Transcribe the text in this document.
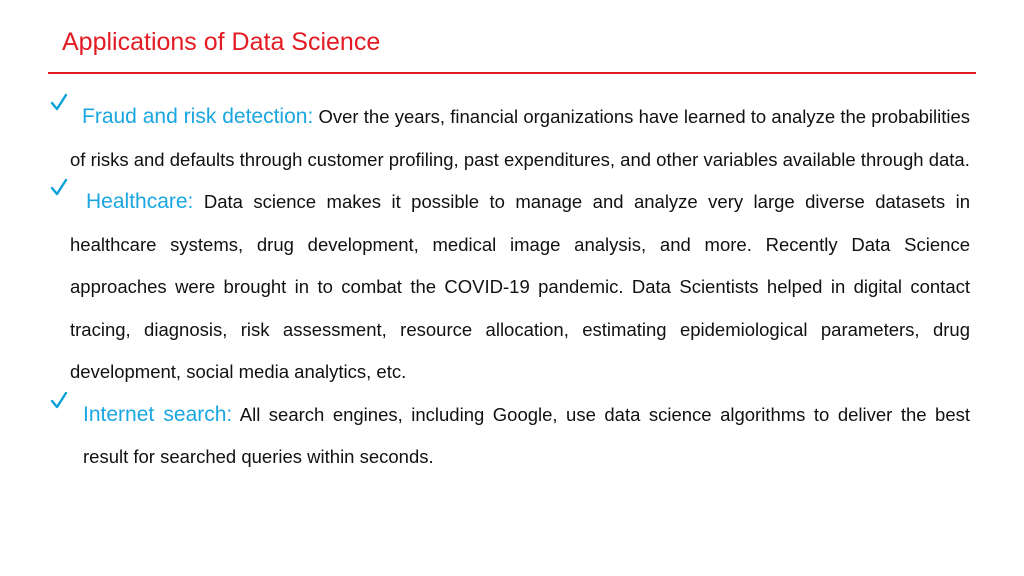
Applications of Data Science
Fraud and risk detection: Over the years, financial organizations have learned to analyze the probabilities of risks and defaults through customer profiling, past expenditures, and other variables available through data.
Healthcare: Data science makes it possible to manage and analyze very large diverse datasets in healthcare systems, drug development, medical image analysis, and more. Recently Data Science approaches were brought in to combat the COVID-19 pandemic. Data Scientists helped in digital contact tracing, diagnosis, risk assessment, resource allocation, estimating epidemiological parameters, drug development, social media analytics, etc.
Internet search: All search engines, including Google, use data science algorithms to deliver the best result for searched queries within seconds.
